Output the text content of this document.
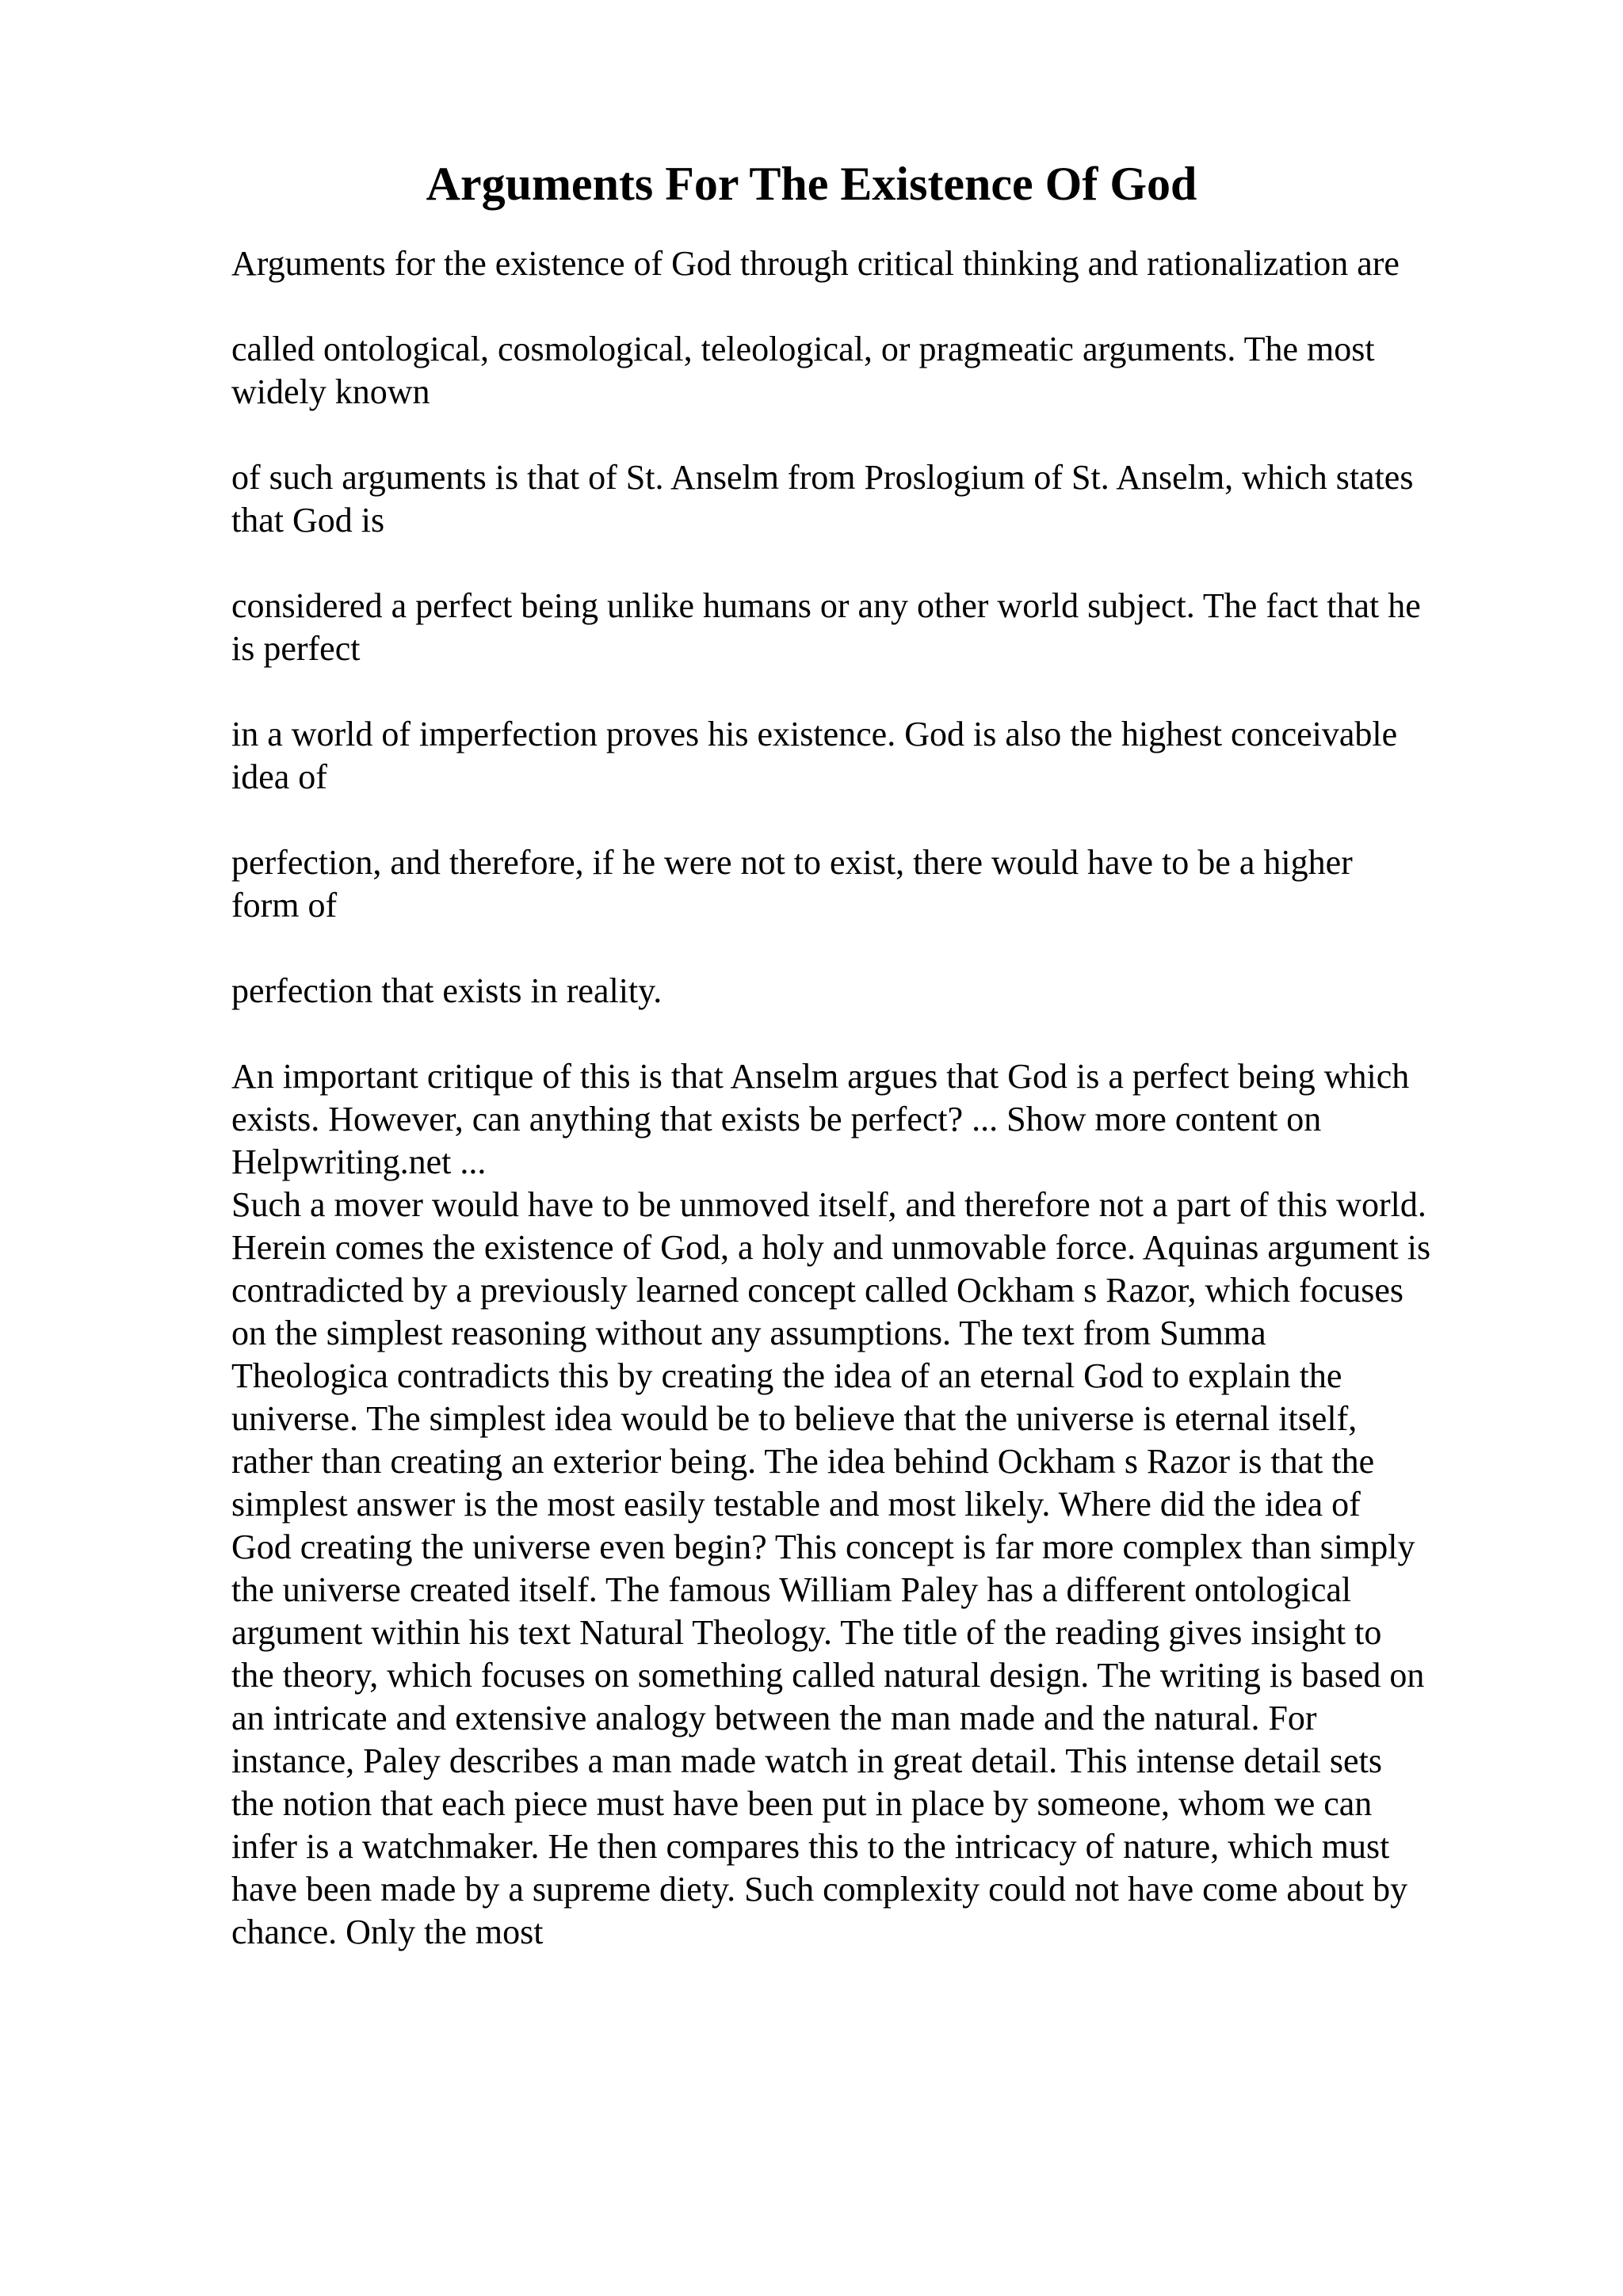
Arguments For The Existence Of God

Arguments for the existence of God through critical thinking and rationalization are

called ontological, cosmological, teleological, or pragmeatic arguments. The most
widely known

of such arguments is that of St. Anselm from Proslogium of St. Anselm, which states
that God is

considered a perfect being unlike humans or any other world subject. The fact that he
is perfect

in a world of imperfection proves his existence. God is also the highest conceivable
idea of

perfection, and therefore, if he were not to exist, there would have to be a higher
form of

perfection that exists in reality.

An important critique of this is that Anselm argues that God is a perfect being which
exists. However, can anything that exists be perfect? ... Show more content on
Helpwriting.net ...

Such a mover would have to be unmoved itself, and therefore not a part of this world.
Herein comes the existence of God, a holy and unmovable force. Aquinas argument is
contradicted by a previously learned concept called Ockham s Razor, which focuses
on the simplest reasoning without any assumptions. The text from Summa
Theologica contradicts this by creating the idea of an eternal God to explain the
universe. The simplest idea would be to believe that the universe is eternal itself,
rather than creating an exterior being. The idea behind Ockham s Razor is that the
simplest answer is the most easily testable and most likely. Where did the idea of
God creating the universe even begin? This concept is far more complex than simply
the universe created itself. The famous William Paley has a different ontological
argument within his text Natural Theology. The title of the reading gives insight to
the theory, which focuses on something called natural design. The writing is based on
an intricate and extensive analogy between the man made and the natural. For
instance, Paley describes a man made watch in great detail. This intense detail sets
the notion that each piece must have been put in place by someone, whom we can
infer is a watchmaker. He then compares this to the intricacy of nature, which must
have been made by a supreme diety. Such complexity could not have come about by
chance. Only the most
